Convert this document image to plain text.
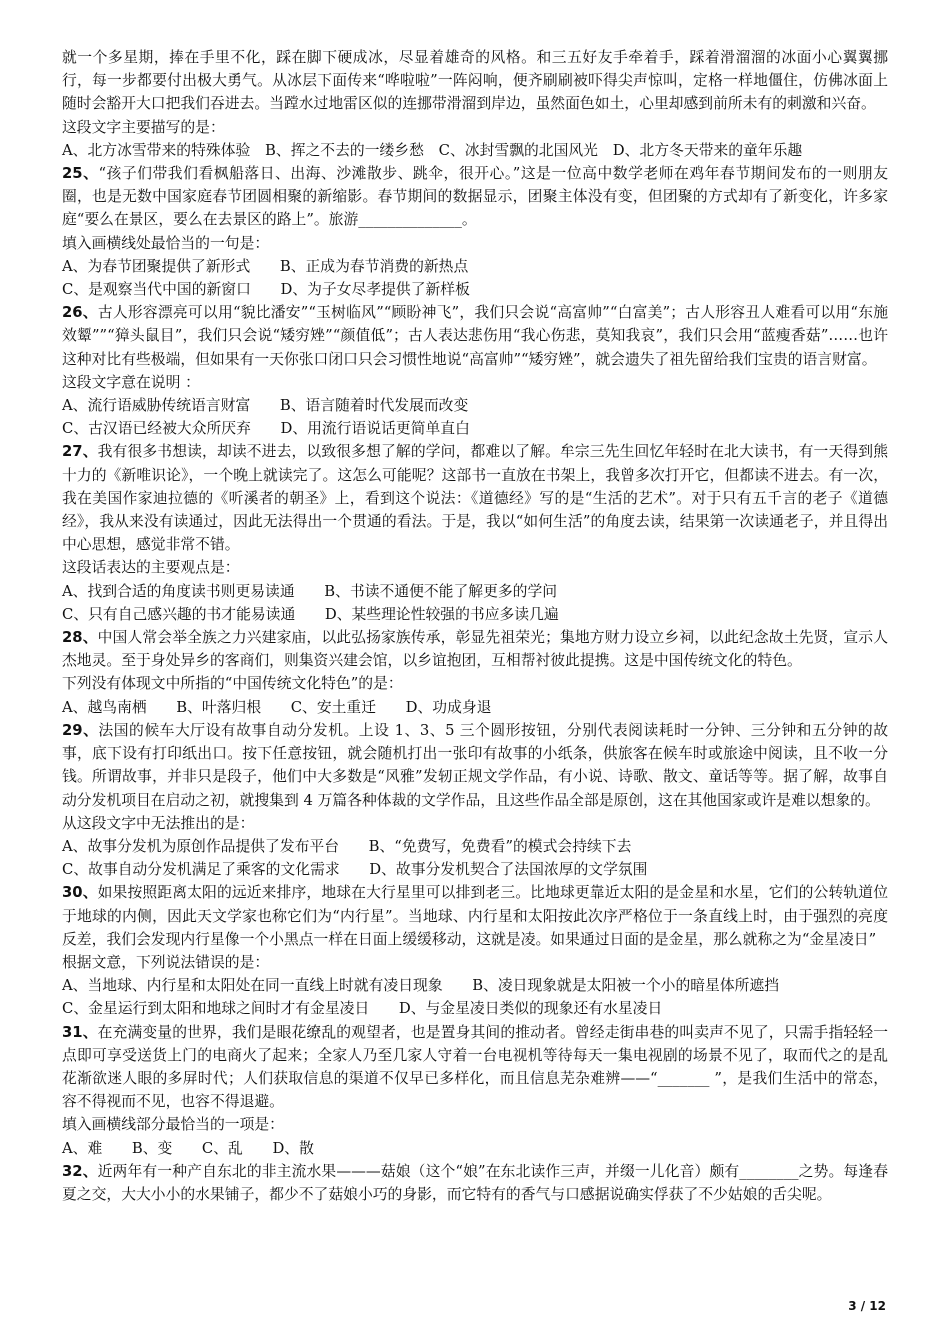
就一个多星期，捧在手里不化，踩在脚下硬成冰，尽显着雄奇的风格。和三五好友手牵着手，踩着滑溜溜的冰面小心翼翼挪行，每一步都要付出极大勇气。从冰层下面传来“哗啦啦”一阵闷响，便齐刷刷被吓得尖声惊叫，定格一样地僵住，仿佛冰面上随时会豁开大口把我们吞进去。当蹚水过地雷区似的连挪带滑溜到岸边，虽然面色如土，心里却感到前所未有的刺激和兴奋。

这段文字主要描写的是：

A、北方冰雪带来的特殊体验　B、挥之不去的一缕乡愁　C、冰封雪飘的北国风光　D、北方冬天带来的童年乐趣

25、“孩子们带我们看枫船落日、出海、沙滩散步、跳伞，很开心。”这是一位高中数学老师在鸡年春节期间发布的一则朋友圈，也是无数中国家庭春节团圆相聚的新缩影。春节期间的数据显示，团聚主体没有变，但团聚的方式却有了新变化，许多家庭“要么在景区，要么在去景区的路上”。旅游______________。

填入画横线处最恰当的一句是：

A、为春节团聚提供了新形式　　B、正成为春节消费的新热点

C、是观察当代中国的新窗口　　D、为子女尽孝提供了新样板

26、古人形容漂亮可以用“貌比潘安”“玉树临风”“顾盼神飞”，我们只会说“高富帅”“白富美”；古人形容丑人难看可以用“东施效颦””“獐头鼠目”，我们只会说“矮穷矬”“颜值低”；古人表达悲伤用“我心伤悲，莫知我哀”，我们只会用“蓝瘦香菇”……也许这种对比有些极端，但如果有一天你张口闭口只会习惯性地说“高富帅”“矮穷矬”，就会遗失了祖先留给我们宝贵的语言财富。

这段文字意在说明 ：

A、流行语威胁传统语言财富　　B、语言随着时代发展而改变

C、古汉语已经被大众所厌弃　　D、用流行语说话更简单直白

27、我有很多书想读，却读不进去，以致很多想了解的学问，都难以了解。牟宗三先生回忆年轻时在北大读书，有一天得到熊十力的《新唯识论》，一个晚上就读完了。这怎么可能呢？这部书一直放在书架上，我曾多次打开它，但都读不进去。有一次，我在美国作家迪拉德的《听溪者的朝圣》上，看到这个说法：《道德经》写的是“生活的艺术”。对于只有五千言的老子《道德经》，我从来没有读通过，因此无法得出一个贯通的看法。于是，我以“如何生活”的角度去读，结果第一次读通老子，并且得出中心思想，感觉非常不错。

这段话表达的主要观点是：

A、找到合适的角度读书则更易读通　　B、书读不通便不能了解更多的学问

C、只有自己感兴趣的书才能易读通　　D、某些理论性较强的书应多读几遍

28、中国人常会举全族之力兴建家庙，以此弘扬家族传承，彰显先祖荣光；集地方财力设立乡祠，以此纪念故土先贤，宣示人杰地灵。至于身处异乡的客商们，则集资兴建会馆，以乡谊抱团，互相帮衬彼此提携。这是中国传统文化的特色。

下列没有体现文中所指的“中国传统文化特色”的是：

A、越鸟南栖　　B、叶落归根　　C、安土重迁　　D、功成身退

29、法国的候车大厅设有故事自动分发机。上设 1、3、5 三个圆形按钮，分别代表阅读耗时一分钟、三分钟和五分钟的故事，底下设有打印纸出口。按下任意按钮，就会随机打出一张印有故事的小纸条，供旅客在候车时或旅途中阅读，且不收一分钱。所谓故事，并非只是段子，他们中大多数是“风雅”发轫正规文学作品，有小说、诗歌、散文、童话等等。据了解，故事自动分发机项目在启动之初，就搜集到 4 万篇各种体裁的文学作品，且这些作品全部是原创，这在其他国家或许是难以想象的。

从这段文字中无法推出的是：

A、故事分发机为原创作品提供了发布平台　　B、“免费写，免费看”的模式会持续下去

C、故事自动分发机满足了乘客的文化需求　　D、故事分发机契合了法国浓厚的文学氛围

30、如果按照距离太阳的远近来排序，地球在大行星里可以排到老三。比地球更靠近太阳的是金星和水星，它们的公转轨道位于地球的内侧，因此天文学家也称它们为“内行星”。当地球、内行星和太阳按此次序严格位于一条直线上时，由于强烈的亮度反差，我们会发现内行星像一个小黑点一样在日面上缓缓移动，这就是凌。如果通过日面的是金星，那么就称之为“金星凌日”

根据文意，下列说法错误的是：

A、当地球、内行星和太阳处在同一直线上时就有凌日现象　　B、凌日现象就是太阳被一个小的暗星体所遮挡

C、金星运行到太阳和地球之间时才有金星凌日　　D、与金星凌日类似的现象还有水星凌日

31、在充满变量的世界，我们是眼花缭乱的观望者，也是置身其间的推动者。曾经走街串巷的叫卖声不见了，只需手指轻轻一点即可享受送货上门的电商火了起来；全家人乃至几家人守着一台电视机等待每天一集电视剧的场景不见了，取而代之的是乱花渐欲迷人眼的多屏时代；人们获取信息的渠道不仅早已多样化，而且信息芜杂难辨——“_______ ”，是我们生活中的常态，容不得视而不见，也容不得退避。

填入画横线部分最恰当的一项是：

A、难　　B、变　　C、乱　　D、散

32、近两年有一种产自东北的非主流水果———菇娘（这个“娘”在东北读作三声，并缀一儿化音）颇有________之势。每逢春夏之交，大大小小的水果铺子，都少不了菇娘小巧的身影，而它特有的香气与口感据说确实俘获了不少姑娘的舌尖呢。

3 / 12
